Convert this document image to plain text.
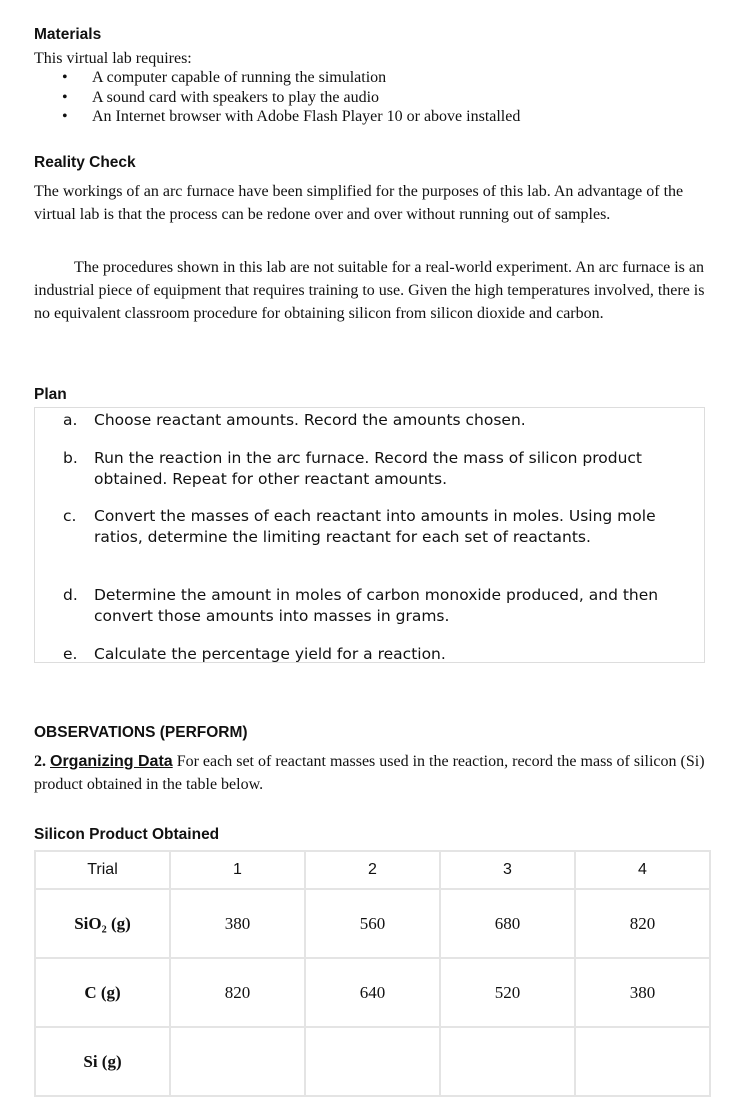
Materials
This virtual lab requires:
• A computer capable of running the simulation
• A sound card with speakers to play the audio
• An Internet browser with Adobe Flash Player 10 or above installed
Reality Check
The workings of an arc furnace have been simplified for the purposes of this lab. An advantage of the virtual lab is that the process can be redone over and over without running out of samples.
The procedures shown in this lab are not suitable for a real-world experiment. An arc furnace is an industrial piece of equipment that requires training to use. Given the high temperatures involved, there is no equivalent classroom procedure for obtaining silicon from silicon dioxide and carbon.
Plan
a. Choose reactant amounts. Record the amounts chosen.
b. Run the reaction in the arc furnace. Record the mass of silicon product obtained. Repeat for other reactant amounts.
c. Convert the masses of each reactant into amounts in moles. Using mole ratios, determine the limiting reactant for each set of reactants.
d. Determine the amount in moles of carbon monoxide produced, and then convert those amounts into masses in grams.
e. Calculate the percentage yield for a reaction.
OBSERVATIONS (PERFORM)
2. Organizing Data For each set of reactant masses used in the reaction, record the mass of silicon (Si) product obtained in the table below.
Silicon Product Obtained
Trial	1	2	3	4
SiO₂ (g)	380	560	680	820
C (g)	820	640	520	380
Si (g)				
